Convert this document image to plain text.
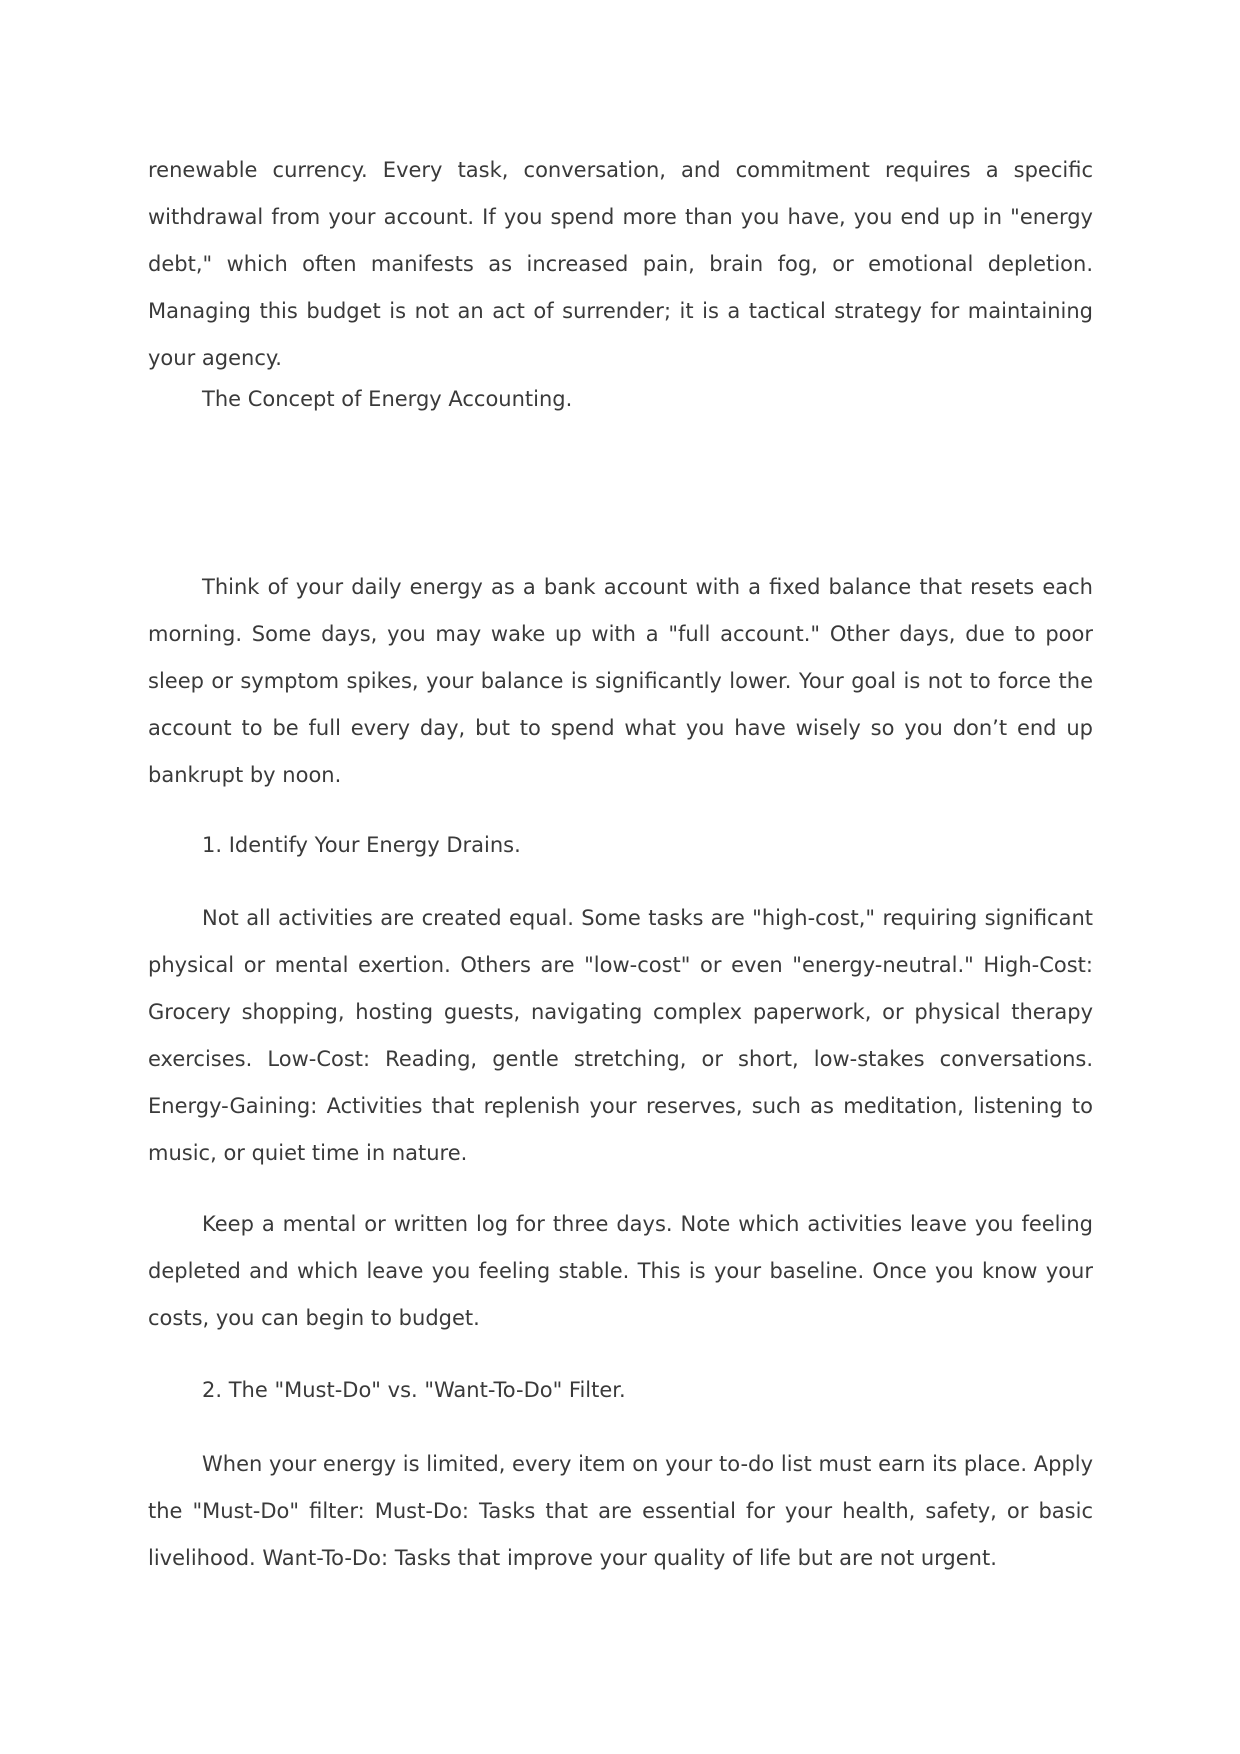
renewable currency. Every task, conversation, and commitment requires a specific withdrawal from your account. If you spend more than you have, you end up in "energy debt," which often manifests as increased pain, brain fog, or emotional depletion. Managing this budget is not an act of surrender; it is a tactical strategy for maintaining your agency.

The Concept of Energy Accounting.

Think of your daily energy as a bank account with a fixed balance that resets each morning. Some days, you may wake up with a "full account." Other days, due to poor sleep or symptom spikes, your balance is significantly lower. Your goal is not to force the account to be full every day, but to spend what you have wisely so you don’t end up bankrupt by noon.

1. Identify Your Energy Drains.

Not all activities are created equal. Some tasks are "high-cost," requiring significant physical or mental exertion. Others are "low-cost" or even "energy-neutral." High-Cost: Grocery shopping, hosting guests, navigating complex paperwork, or physical therapy exercises. Low-Cost: Reading, gentle stretching, or short, low-stakes conversations. Energy-Gaining: Activities that replenish your reserves, such as meditation, listening to music, or quiet time in nature.

Keep a mental or written log for three days. Note which activities leave you feeling depleted and which leave you feeling stable. This is your baseline. Once you know your costs, you can begin to budget.

2. The "Must-Do" vs. "Want-To-Do" Filter.

When your energy is limited, every item on your to-do list must earn its place. Apply the "Must-Do" filter: Must-Do: Tasks that are essential for your health, safety, or basic livelihood. Want-To-Do: Tasks that improve your quality of life but are not urgent.
